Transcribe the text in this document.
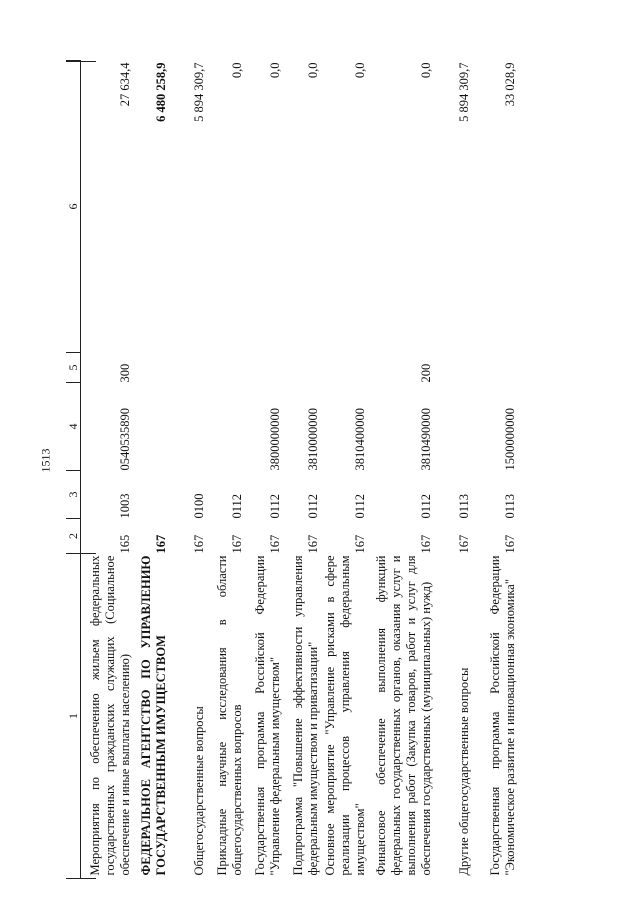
1513
1	2	3	4	5	6
Мероприятия по обеспечению жильем федеральных государственных гражданских служащих (Социальное обеспечение и иные выплаты населению)	165	1003	0540535890	300	27 634,4
ФЕДЕРАЛЬНОЕ АГЕНТСТВО ПО УПРАВЛЕНИЮ ГОСУДАРСТВЕННЫМ ИМУЩЕСТВОМ	167				6 480 258,9
Общегосударственные вопросы	167	0100			5 894 309,7
Прикладные научные исследования в области общегосударственных вопросов	167	0112			0,0
Государственная программа Российской Федерации "Управление федеральным имуществом"	167	0112	3800000000		0,0
Подпрограмма "Повышение эффективности управления федеральным имуществом и приватизации"	167	0112	3810000000		0,0
Основное мероприятие "Управление рисками в сфере реализации процессов управления федеральным имуществом"	167	0112	3810400000		0,0
Финансовое обеспечение выполнения функций федеральных государственных органов, оказания услуг и выполнения работ (Закупка товаров, работ и услуг для обеспечения государственных (муниципальных) нужд)	167	0112	3810490000	200	0,0
Другие общегосударственные вопросы	167	0113			5 894 309,7
Государственная программа Российской Федерации "Экономическое развитие и инновационная экономика"	167	0113	1500000000		33 028,9
